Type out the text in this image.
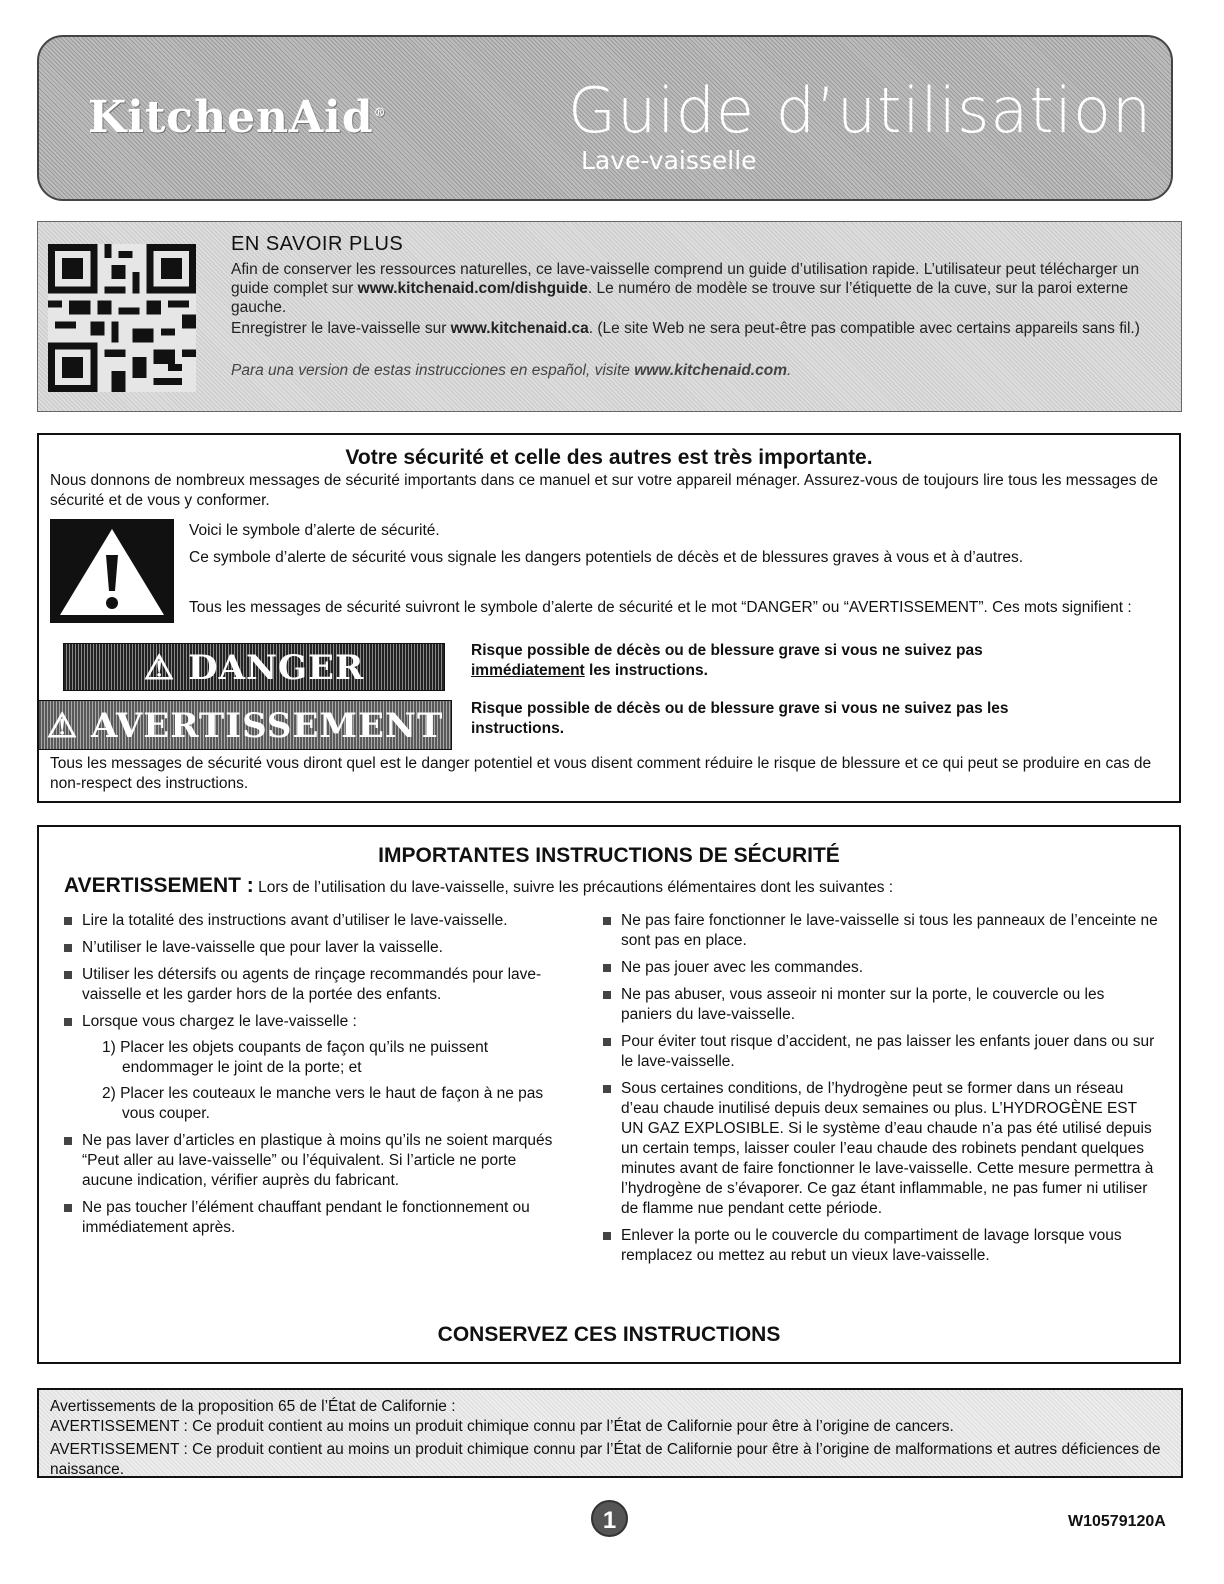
KitchenAid®	Guide d’utilisation
Lave-vaisselle
EN SAVOIR PLUS
Afin de conserver les ressources naturelles, ce lave-vaisselle comprend un guide d’utilisation rapide. L’utilisateur peut télécharger un guide complet sur www.kitchenaid.com/dishguide. Le numéro de modèle se trouve sur l’étiquette de la cuve, sur la paroi externe gauche.
Enregistrer le lave-vaisselle sur www.kitchenaid.ca. (Le site Web ne sera peut-être pas compatible avec certains appareils sans fil.)
Para una version de estas instrucciones en español, visite www.kitchenaid.com.
Votre sécurité et celle des autres est très importante.
Nous donnons de nombreux messages de sécurité importants dans ce manuel et sur votre appareil ménager. Assurez-vous de toujours lire tous les messages de sécurité et de vous y conformer.
Voici le symbole d’alerte de sécurité.
Ce symbole d’alerte de sécurité vous signale les dangers potentiels de décès et de blessures graves à vous et à d’autres.
Tous les messages de sécurité suivront le symbole d’alerte de sécurité et le mot “DANGER” ou “AVERTISSEMENT”. Ces mots signifient :
⚠ DANGER
⚠ AVERTISSEMENT
Risque possible de décès ou de blessure grave si vous ne suivez pas immédiatement les instructions.
Risque possible de décès ou de blessure grave si vous ne suivez pas les instructions.
Tous les messages de sécurité vous diront quel est le danger potentiel et vous disent comment réduire le risque de blessure et ce qui peut se produire en cas de non-respect des instructions.
IMPORTANTES INSTRUCTIONS DE SÉCURITÉ
AVERTISSEMENT : Lors de l’utilisation du lave-vaisselle, suivre les précautions élémentaires dont les suivantes :
Lire la totalité des instructions avant d’utiliser le lave-vaisselle.
N’utiliser le lave-vaisselle que pour laver la vaisselle.
Utiliser les détersifs ou agents de rinçage recommandés pour lave-vaisselle et les garder hors de la portée des enfants.
Lorsque vous chargez le lave-vaisselle :
1) Placer les objets coupants de façon qu’ils ne puissent endommager le joint de la porte; et
2) Placer les couteaux le manche vers le haut de façon à ne pas vous couper.
Ne pas laver d’articles en plastique à moins qu’ils ne soient marqués “Peut aller au lave-vaisselle” ou l’équivalent. Si l’article ne porte aucune indication, vérifier auprès du fabricant.
Ne pas toucher l’élément chauffant pendant le fonctionnement ou immédiatement après.
Ne pas faire fonctionner le lave-vaisselle si tous les panneaux de l’enceinte ne sont pas en place.
Ne pas jouer avec les commandes.
Ne pas abuser, vous asseoir ni monter sur la porte, le couvercle ou les paniers du lave-vaisselle.
Pour éviter tout risque d’accident, ne pas laisser les enfants jouer dans ou sur le lave-vaisselle.
Sous certaines conditions, de l’hydrogène peut se former dans un réseau d’eau chaude inutilisé depuis deux semaines ou plus. L’HYDROGÈNE EST UN GAZ EXPLOSIBLE. Si le système d’eau chaude n’a pas été utilisé depuis un certain temps, laisser couler l’eau chaude des robinets pendant quelques minutes avant de faire fonctionner le lave-vaisselle. Cette mesure permettra à l’hydrogène de s’évaporer. Ce gaz étant inflammable, ne pas fumer ni utiliser de flamme nue pendant cette période.
Enlever la porte ou le couvercle du compartiment de lavage lorsque vous remplacez ou mettez au rebut un vieux lave-vaisselle.
CONSERVEZ CES INSTRUCTIONS
Avertissements de la proposition 65 de l’État de Californie :
AVERTISSEMENT : Ce produit contient au moins un produit chimique connu par l’État de Californie pour être à l’origine de cancers.
AVERTISSEMENT : Ce produit contient au moins un produit chimique connu par l’État de Californie pour être à l’origine de malformations et autres déficiences de naissance.
1	W10579120A
